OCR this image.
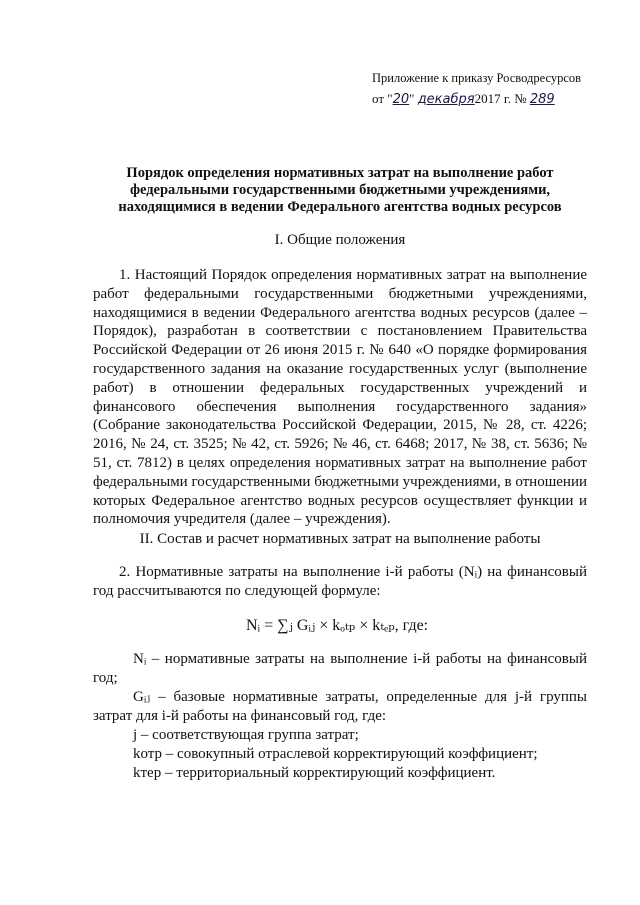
Приложение к приказу Росводресурсов
от "20" декабря2017 г. № 289
Порядок определения нормативных затрат на выполнение работ
федеральными государственными бюджетными учреждениями,
находящимися в ведении Федерального агентства водных ресурсов
I. Общие положения
1. Настоящий Порядок определения нормативных затрат на выполнение работ федеральными государственными бюджетными учреждениями, находящимися в ведении Федерального агентства водных ресурсов (далее – Порядок), разработан в соответствии с постановлением Правительства Российской Федерации от 26 июня 2015 г. № 640 «О порядке формирования государственного задания на оказание государственных услуг (выполнение работ) в отношении федеральных государственных учреждений и финансового обеспечения выполнения государственного задания» (Собрание законодательства Российской Федерации, 2015, № 28, ст. 4226; 2016, № 24, ст. 3525; № 42, ст. 5926; № 46, ст. 6468; 2017, № 38, ст. 5636; № 51, ст. 7812) в целях определения нормативных затрат на выполнение работ федеральными государственными бюджетными учреждениями, в отношении которых Федеральное агентство водных ресурсов осуществляет функции и полномочия учредителя (далее – учреждения).
II. Состав и расчет нормативных затрат на выполнение работы
2. Нормативные затраты на выполнение i-й работы (Nᵢ) на финансовый год рассчитываются по следующей формуле:
Nᵢ = ∑ⱼ Gᵢⱼ × kₒₜₚ × kₜₑₚ, где:
Nᵢ – нормативные затраты на выполнение i-й работы на финансовый год;
Gᵢⱼ – базовые нормативные затраты, определенные для j-й группы затрат для i-й работы на финансовый год, где:
j – соответствующая группа затрат;
kотр – совокупный отраслевой корректирующий коэффициент;
kтер – территориальный корректирующий коэффициент.
